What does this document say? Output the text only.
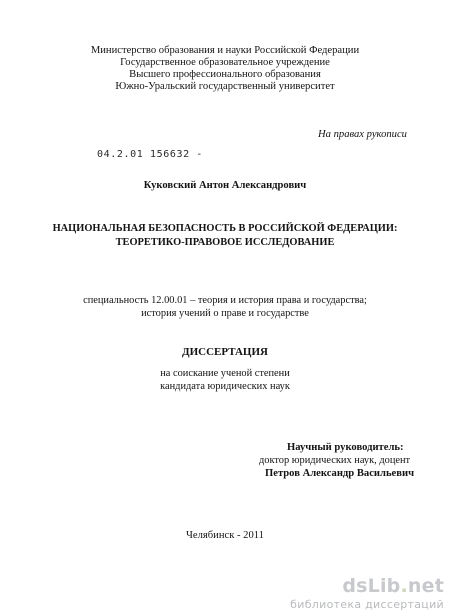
Министерство образования и науки Российской Федерации
Государственное образовательное учреждение
Высшего профессионального образования
Южно-Уральский государственный университет
На правах рукописи
04.2.01 156632 -
Куковский Антон Александрович
НАЦИОНАЛЬНАЯ БЕЗОПАСНОСТЬ В РОССИЙСКОЙ ФЕДЕРАЦИИ:
ТЕОРЕТИКО-ПРАВОВОЕ ИССЛЕДОВАНИЕ
специальность 12.00.01 – теория и история права и государства;
история учений о праве и государстве
ДИССЕРТАЦИЯ
на соискание ученой степени
кандидата юридических наук
Научный руководитель:
доктор юридических наук, доцент
Петров Александр Васильевич
Челябинск - 2011
dsLib.net
библиотека диссертаций
